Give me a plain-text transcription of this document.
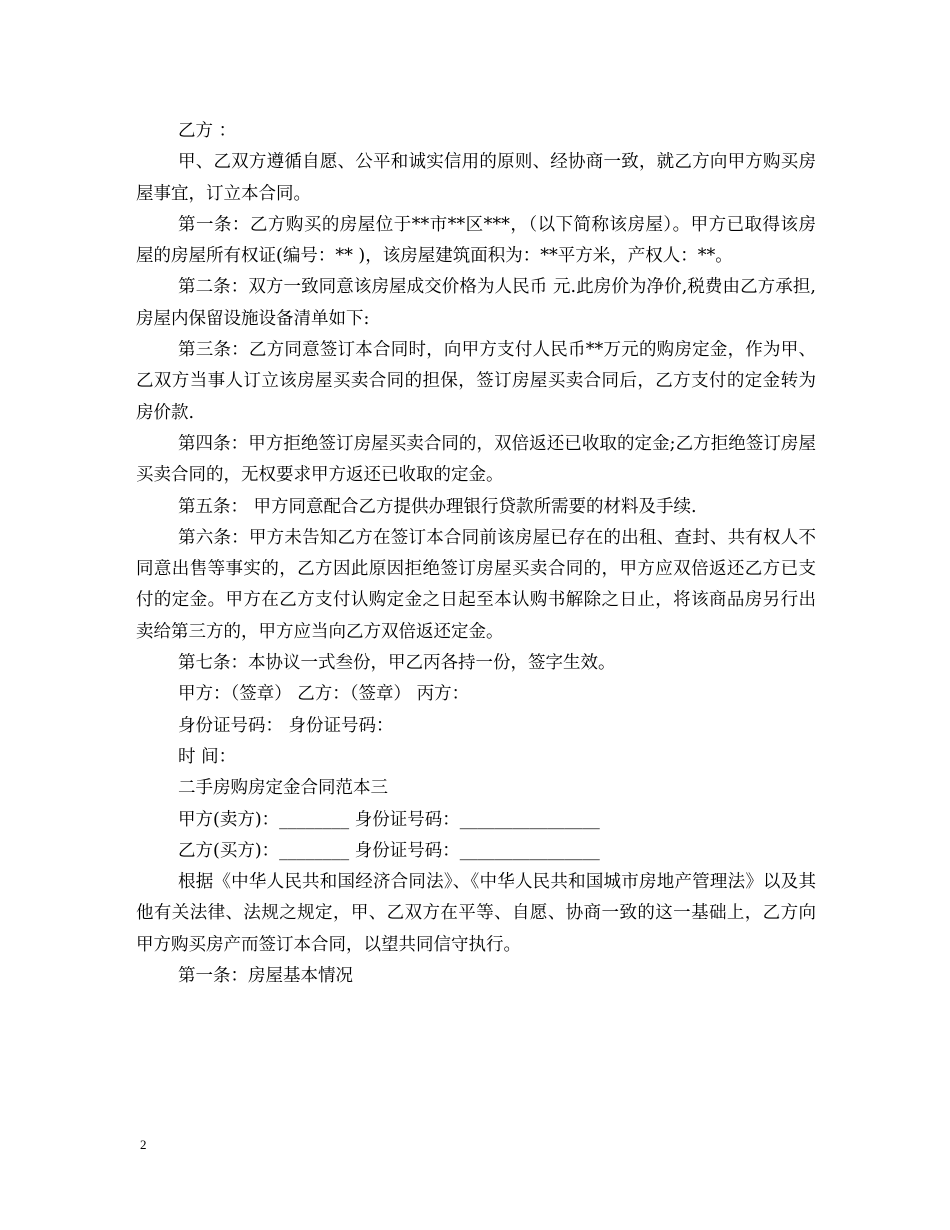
乙方 ：

甲、乙双方遵循自愿、公平和诚实信用的原则、经协商一致，就乙方向甲方购买房屋事宜，订立本合同。

第一条：乙方购买的房屋位于**市**区***，（以下简称该房屋）。甲方已取得该房屋的房屋所有权证(编号：** )，该房屋建筑面积为：**平方米，产权人：**。

第二条：双方一致同意该房屋成交价格为人民币 元.此房价为净价,税费由乙方承担,房屋内保留设施设备清单如下:

第三条：乙方同意签订本合同时，向甲方支付人民币**万元的购房定金，作为甲、乙双方当事人订立该房屋买卖合同的担保，签订房屋买卖合同后，乙方支付的定金转为房价款.

第四条：甲方拒绝签订房屋买卖合同的，双倍返还已收取的定金;乙方拒绝签订房屋买卖合同的，无权要求甲方返还已收取的定金。

第五条： 甲方同意配合乙方提供办理银行贷款所需要的材料及手续.

第六条：甲方未告知乙方在签订本合同前该房屋已存在的出租、查封、共有权人不同意出售等事实的，乙方因此原因拒绝签订房屋买卖合同的，甲方应双倍返还乙方已支付的定金。甲方在乙方支付认购定金之日起至本认购书解除之日止，将该商品房另行出卖给第三方的，甲方应当向乙方双倍返还定金。

第七条：本协议一式叁份，甲乙丙各持一份，签字生效。

甲方：（签章） 乙方：（签章） 丙方：

身份证号码： 身份证号码：

时 间：

二手房购房定金合同范本三

甲方(卖方)：________ 身份证号码：________________

乙方(买方)：________ 身份证号码：________________

根据《中华人民共和国经济合同法》、《中华人民共和国城市房地产管理法》以及其他有关法律、法规之规定，甲、乙双方在平等、自愿、协商一致的这一基础上，乙方向甲方购买房产而签订本合同，以望共同信守执行。

第一条：房屋基本情况

2
